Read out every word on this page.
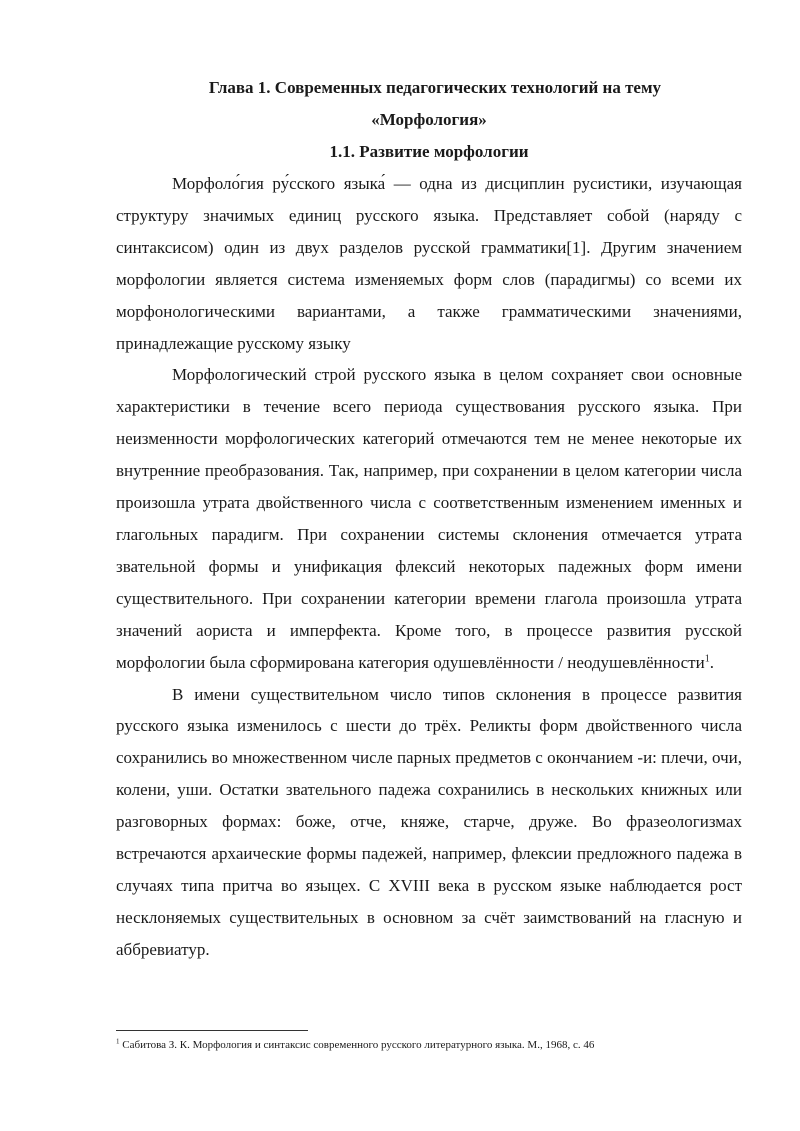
Глава 1. Современных педагогических технологий на тему

«Морфология»

1.1. Развитие морфологии

Морфоло́гия ру́сского языка́ — одна из дисциплин русистики, изучающая структуру значимых единиц русского языка. Представляет собой (наряду с синтаксисом) один из двух разделов русской грамматики[1]. Другим значением морфологии является система изменяемых форм слов (парадигмы) со всеми их морфонологическими вариантами, а также грамматическими значениями, принадлежащие русскому языку

Морфологический строй русского языка в целом сохраняет свои основные характеристики в течение всего периода существования русского языка. При неизменности морфологических категорий отмечаются тем не менее некоторые их внутренние преобразования. Так, например, при сохранении в целом категории числа произошла утрата двойственного числа с соответственным изменением именных и глагольных парадигм. При сохранении системы склонения отмечается утрата звательной формы и унификация флексий некоторых падежных форм имени существительного. При сохранении категории времени глагола произошла утрата значений аориста и имперфекта. Кроме того, в процессе развития русской морфологии была сформирована категория одушевлённости / неодушевлённости$^1$.

В имени существительном число типов склонения в процессе развития русского языка изменилось с шести до трёх. Реликты форм двойственного числа сохранились во множественном числе парных предметов с окончанием -и: плечи, очи, колени, уши. Остатки звательного падежа сохранились в нескольких книжных или разговорных формах: боже, отче, княже, старче, друже. Во фразеологизмах встречаются архаические формы падежей, например, флексии предложного падежа в случаях типа притча во языцех. С XVIII века в русском языке наблюдается рост несклоняемых существительных в основном за счёт заимствований на гласную и аббревиатур.

$^1$ Сабитова З. К. Морфология и синтаксис современного русского литературного языка. М., 1968, с. 46
